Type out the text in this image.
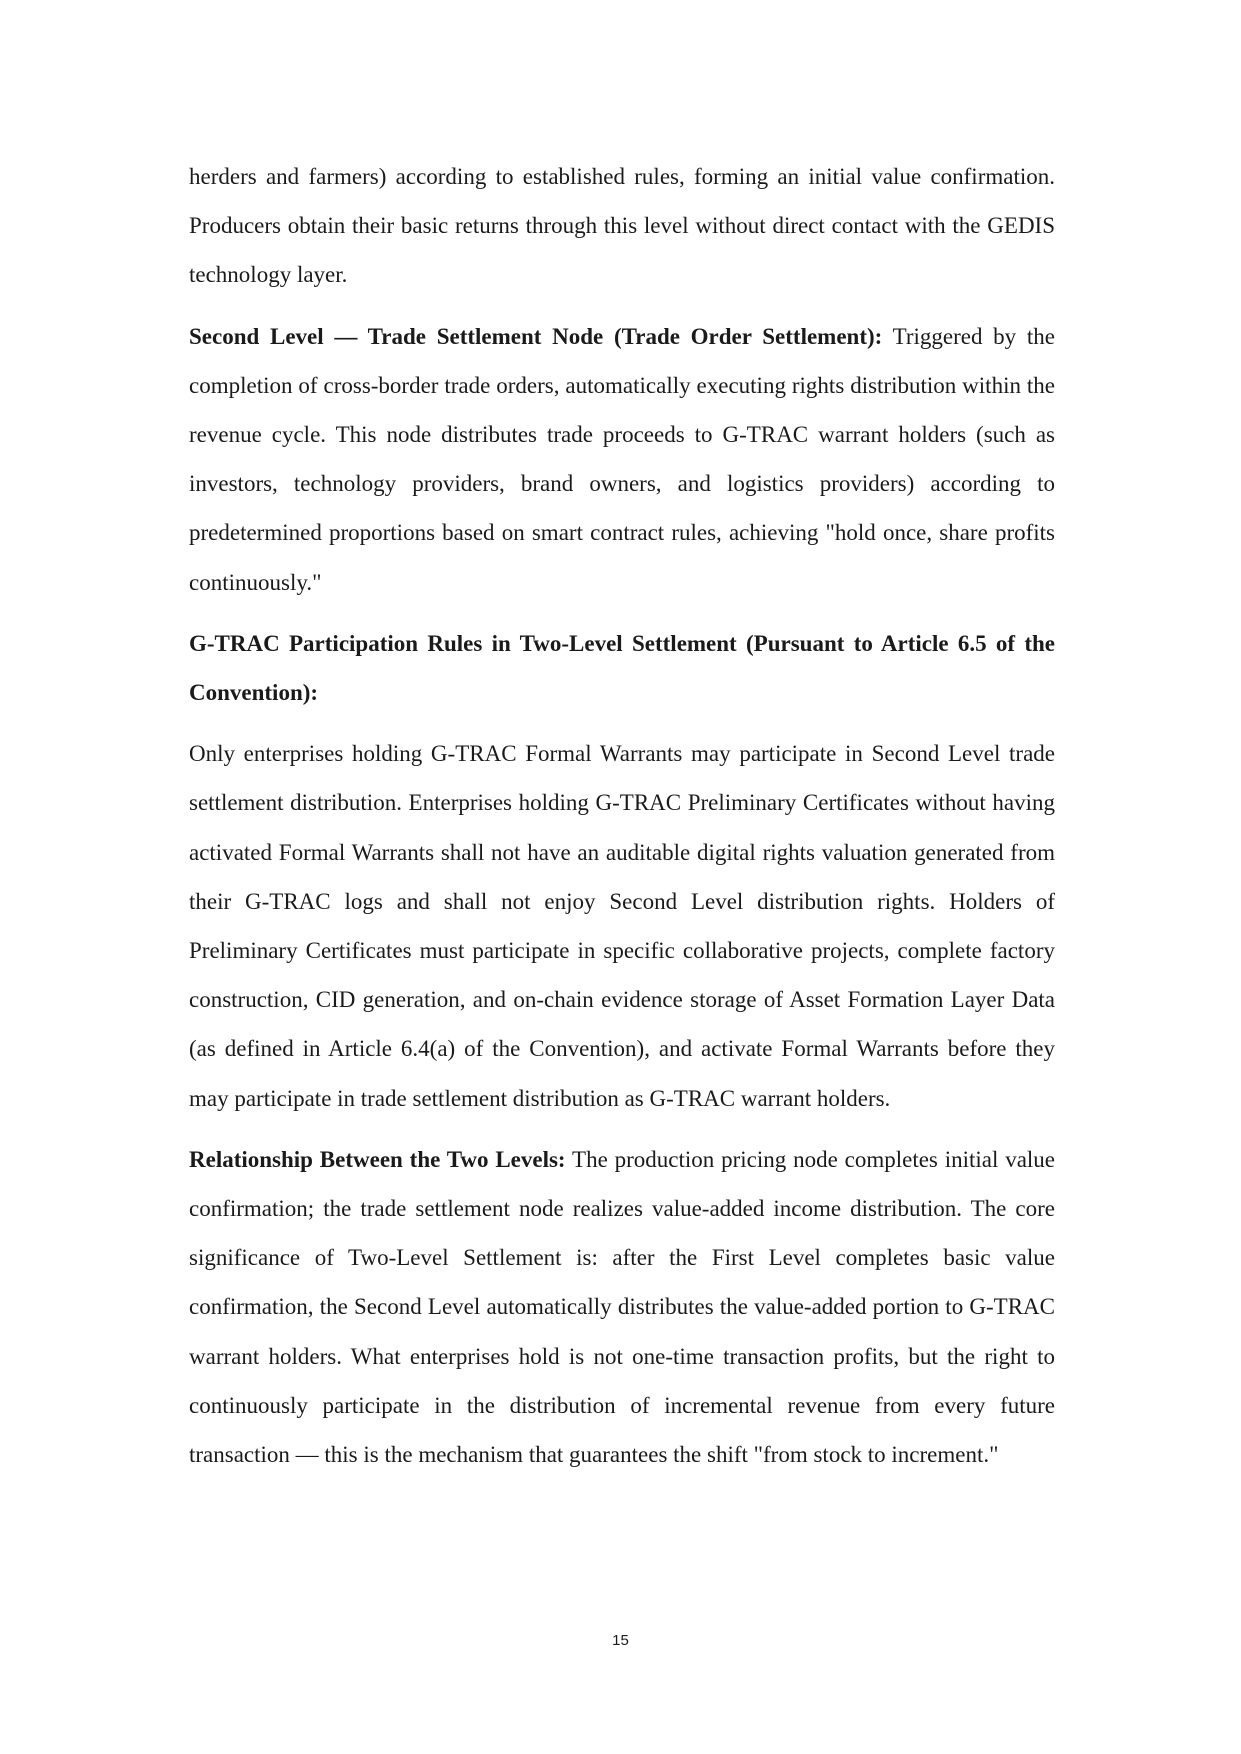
herders and farmers) according to established rules, forming an initial value confirmation. Producers obtain their basic returns through this level without direct contact with the GEDIS technology layer.

Second Level — Trade Settlement Node (Trade Order Settlement): Triggered by the completion of cross-border trade orders, automatically executing rights distribution within the revenue cycle. This node distributes trade proceeds to G-TRAC warrant holders (such as investors, technology providers, brand owners, and logistics providers) according to predetermined proportions based on smart contract rules, achieving "hold once, share profits continuously."

G-TRAC Participation Rules in Two-Level Settlement (Pursuant to Article 6.5 of the Convention):

Only enterprises holding G-TRAC Formal Warrants may participate in Second Level trade settlement distribution. Enterprises holding G-TRAC Preliminary Certificates without having activated Formal Warrants shall not have an auditable digital rights valuation generated from their G-TRAC logs and shall not enjoy Second Level distribution rights. Holders of Preliminary Certificates must participate in specific collaborative projects, complete factory construction, CID generation, and on-chain evidence storage of Asset Formation Layer Data (as defined in Article 6.4(a) of the Convention), and activate Formal Warrants before they may participate in trade settlement distribution as G-TRAC warrant holders.

Relationship Between the Two Levels: The production pricing node completes initial value confirmation; the trade settlement node realizes value-added income distribution. The core significance of Two-Level Settlement is: after the First Level completes basic value confirmation, the Second Level automatically distributes the value-added portion to G-TRAC warrant holders. What enterprises hold is not one-time transaction profits, but the right to continuously participate in the distribution of incremental revenue from every future transaction — this is the mechanism that guarantees the shift "from stock to increment."

15
